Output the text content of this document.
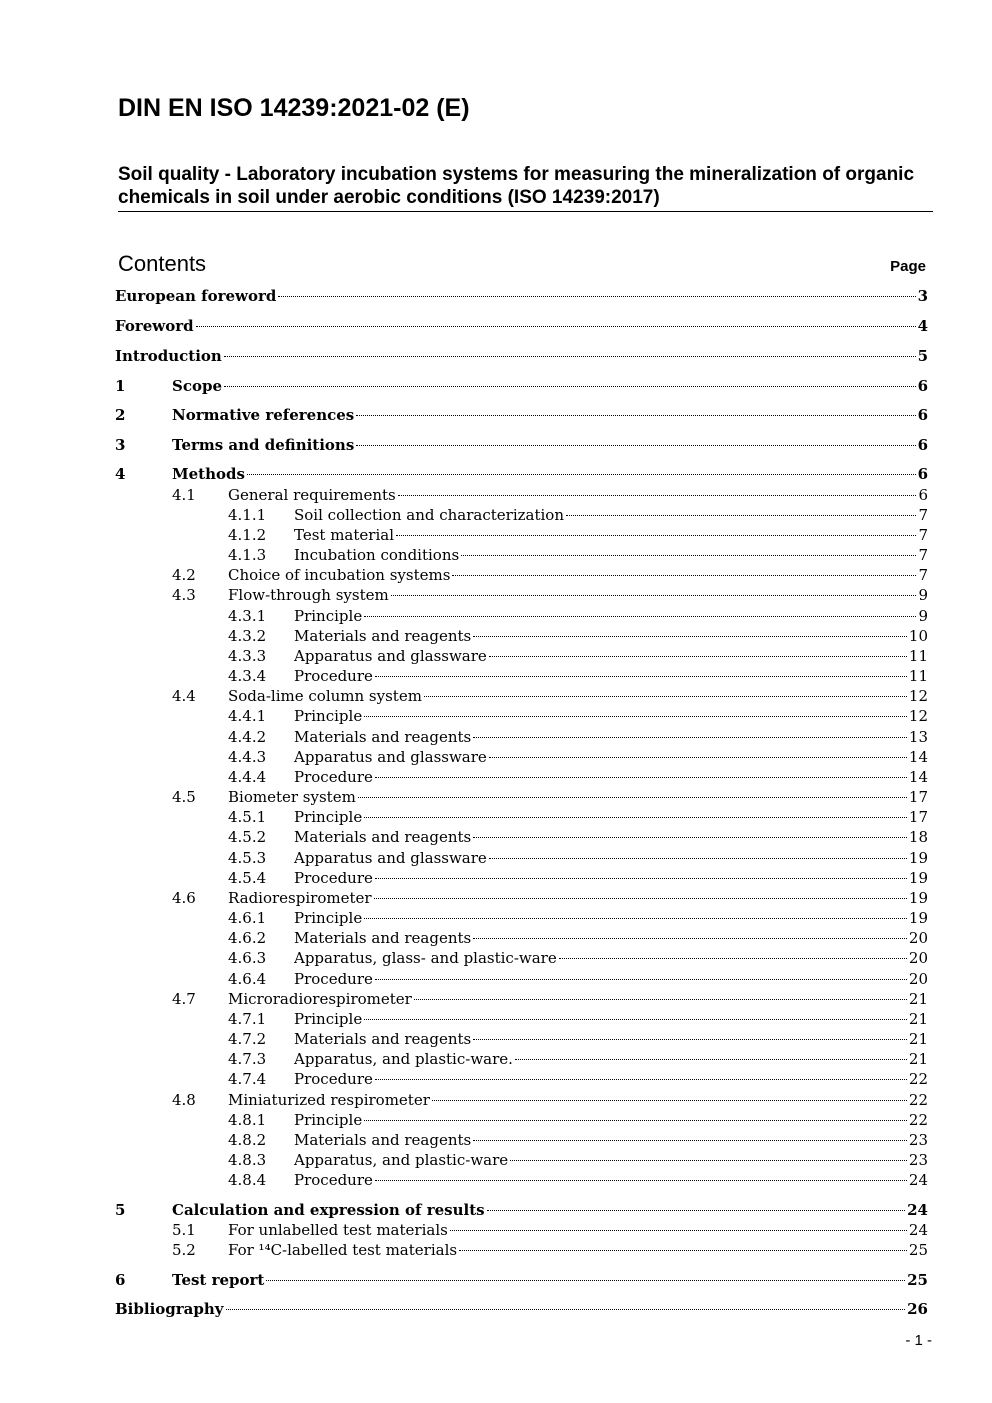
DIN EN ISO 14239:2021-02 (E)
Soil quality - Laboratory incubation systems for measuring the mineralization of organic chemicals in soil under aerobic conditions (ISO 14239:2017)
Contents	Page
European foreword	3
Foreword	4
Introduction	5
1	Scope	6
2	Normative references	6
3	Terms and definitions	6
4	Methods	6
4.1	General requirements	6
4.1.1	Soil collection and characterization	7
4.1.2	Test material	7
4.1.3	Incubation conditions	7
4.2	Choice of incubation systems	7
4.3	Flow-through system	9
4.3.1	Principle	9
4.3.2	Materials and reagents	10
4.3.3	Apparatus and glassware	11
4.3.4	Procedure	11
4.4	Soda-lime column system	12
4.4.1	Principle	12
4.4.2	Materials and reagents	13
4.4.3	Apparatus and glassware	14
4.4.4	Procedure	14
4.5	Biometer system	17
4.5.1	Principle	17
4.5.2	Materials and reagents	18
4.5.3	Apparatus and glassware	19
4.5.4	Procedure	19
4.6	Radiorespirometer	19
4.6.1	Principle	19
4.6.2	Materials and reagents	20
4.6.3	Apparatus, glass- and plastic-ware	20
4.6.4	Procedure	20
4.7	Microradiorespirometer	21
4.7.1	Principle	21
4.7.2	Materials and reagents	21
4.7.3	Apparatus, and plastic-ware.	21
4.7.4	Procedure	22
4.8	Miniaturized respirometer	22
4.8.1	Principle	22
4.8.2	Materials and reagents	23
4.8.3	Apparatus, and plastic-ware	23
4.8.4	Procedure	24
5	Calculation and expression of results	24
5.1	For unlabelled test materials	24
5.2	For ¹⁴C-labelled test materials	25
6	Test report	25
Bibliography	26
- 1 -
